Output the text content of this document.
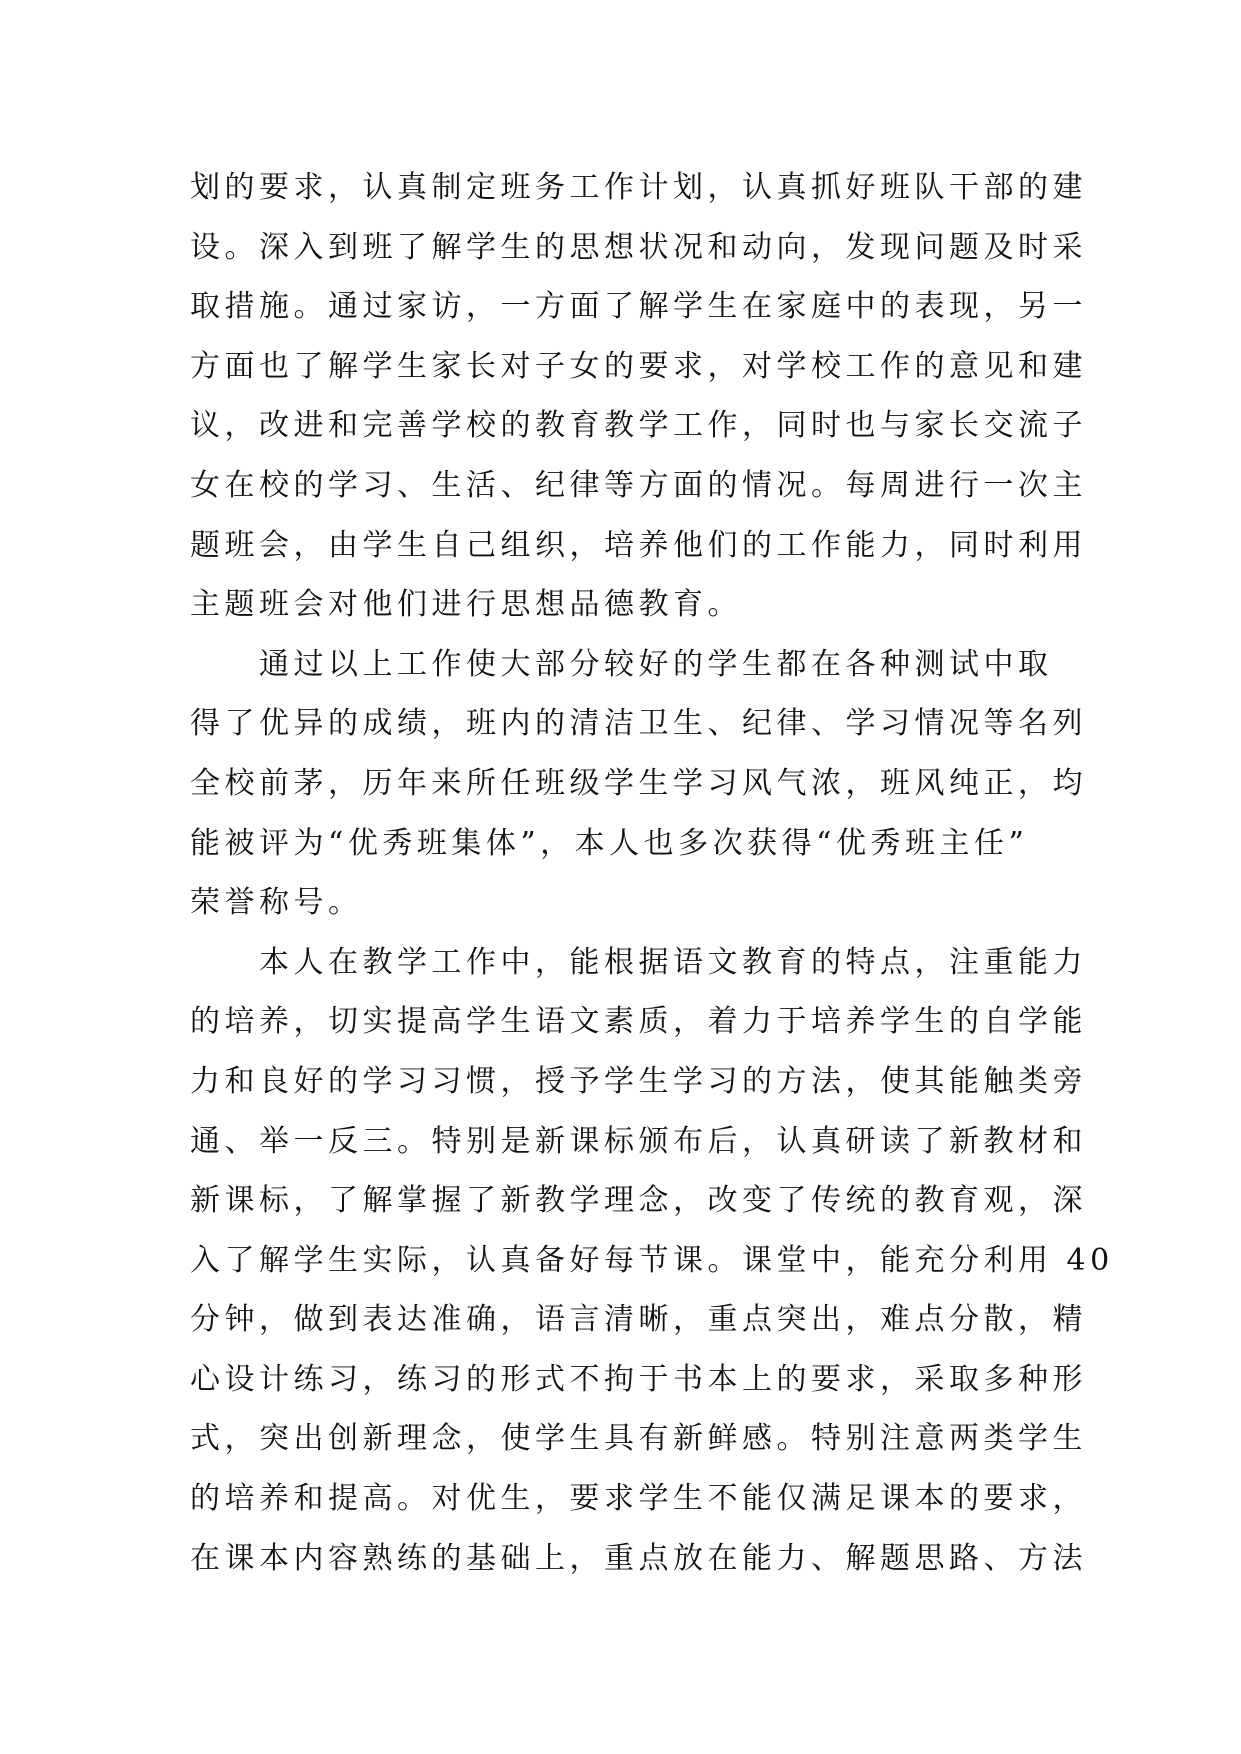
划的要求，认真制定班务工作计划，认真抓好班队干部的建
设。深入到班了解学生的思想状况和动向，发现问题及时采
取措施。通过家访，一方面了解学生在家庭中的表现，另一
方面也了解学生家长对子女的要求，对学校工作的意见和建
议，改进和完善学校的教育教学工作，同时也与家长交流子
女在校的学习、生活、纪律等方面的情况。每周进行一次主
题班会，由学生自己组织，培养他们的工作能力，同时利用
主题班会对他们进行思想品德教育。
通过以上工作使大部分较好的学生都在各种测试中取
得了优异的成绩，班内的清洁卫生、纪律、学习情况等名列
全校前茅，历年来所任班级学生学习风气浓，班风纯正，均
能被评为“优秀班集体”，本人也多次获得“优秀班主任”
荣誉称号。
本人在教学工作中，能根据语文教育的特点，注重能力
的培养，切实提高学生语文素质，着力于培养学生的自学能
力和良好的学习习惯，授予学生学习的方法，使其能触类旁
通、举一反三。特别是新课标颁布后，认真研读了新教材和
新课标，了解掌握了新教学理念，改变了传统的教育观，深
入了解学生实际，认真备好每节课。课堂中，能充分利用 40
分钟，做到表达准确，语言清晰，重点突出，难点分散，精
心设计练习，练习的形式不拘于书本上的要求，采取多种形
式，突出创新理念，使学生具有新鲜感。特别注意两类学生
的培养和提高。对优生，要求学生不能仅满足课本的要求，
在课本内容熟练的基础上，重点放在能力、解题思路、方法
